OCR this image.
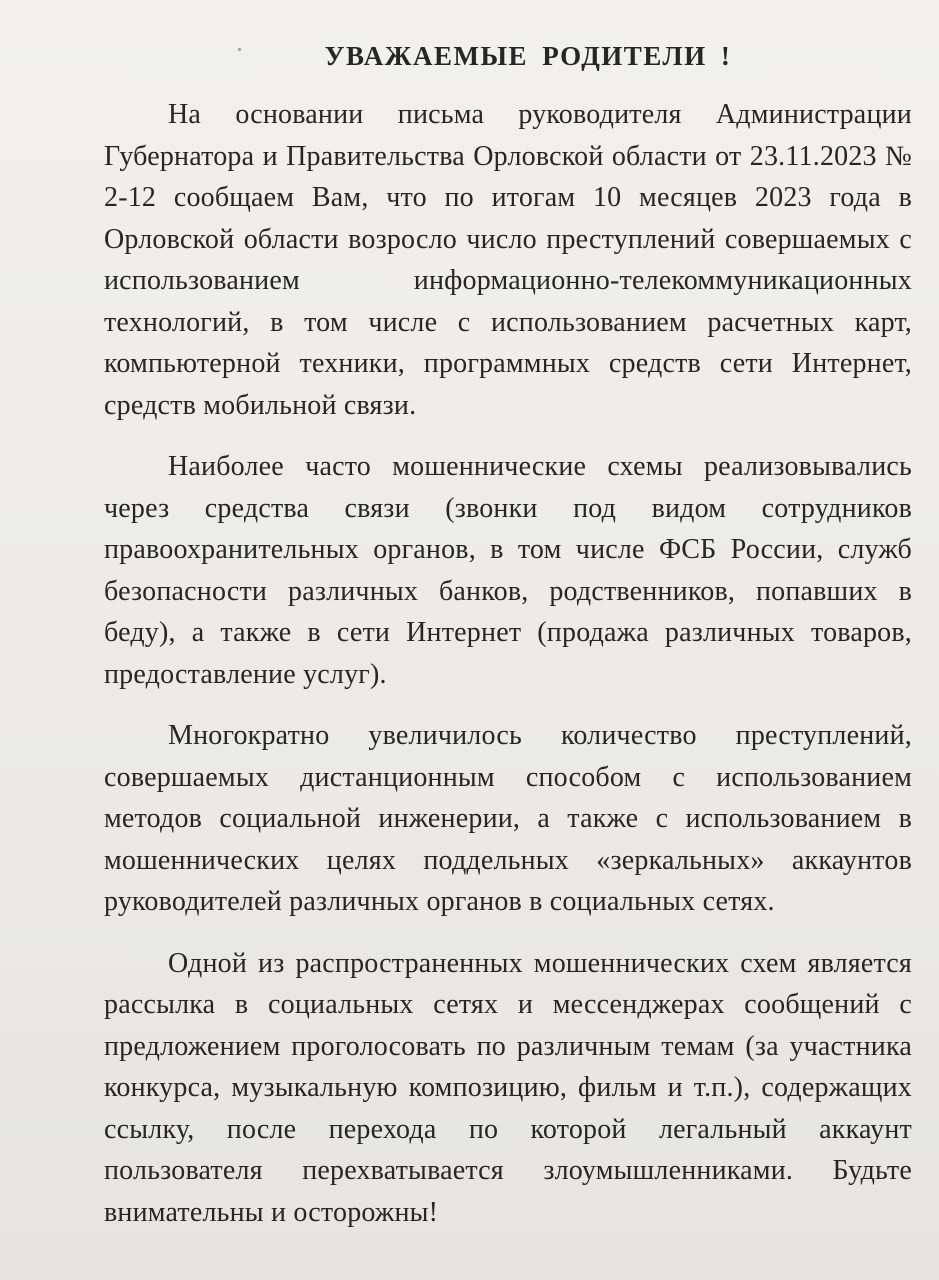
УВАЖАЕМЫЕ РОДИТЕЛИ !

На основании письма руководителя Администрации Губернатора и Правительства Орловской области от 23.11.2023 № 2-12 сообщаем Вам, что по итогам 10 месяцев 2023 года в Орловской области возросло число преступлений совершаемых с использованием информационно-телекоммуникационных технологий, в том числе с использованием расчетных карт, компьютерной техники, программных средств сети Интернет, средств мобильной связи.

Наиболее часто мошеннические схемы реализовывались через средства связи (звонки под видом сотрудников правоохранительных органов, в том числе ФСБ России, служб безопасности различных банков, родственников, попавших в беду), а также в сети Интернет (продажа различных товаров, предоставление услуг).

Многократно увеличилось количество преступлений, совершаемых дистанционным способом с использованием методов социальной инженерии, а также с использованием в мошеннических целях поддельных «зеркальных» аккаунтов руководителей различных органов в социальных сетях.

Одной из распространенных мошеннических схем является рассылка в социальных сетях и мессенджерах сообщений с предложением проголосовать по различным темам (за участника конкурса, музыкальную композицию, фильм и т.п.), содержащих ссылку, после перехода по которой легальный аккаунт пользователя перехватывается злоумышленниками. Будьте внимательны и осторожны!
